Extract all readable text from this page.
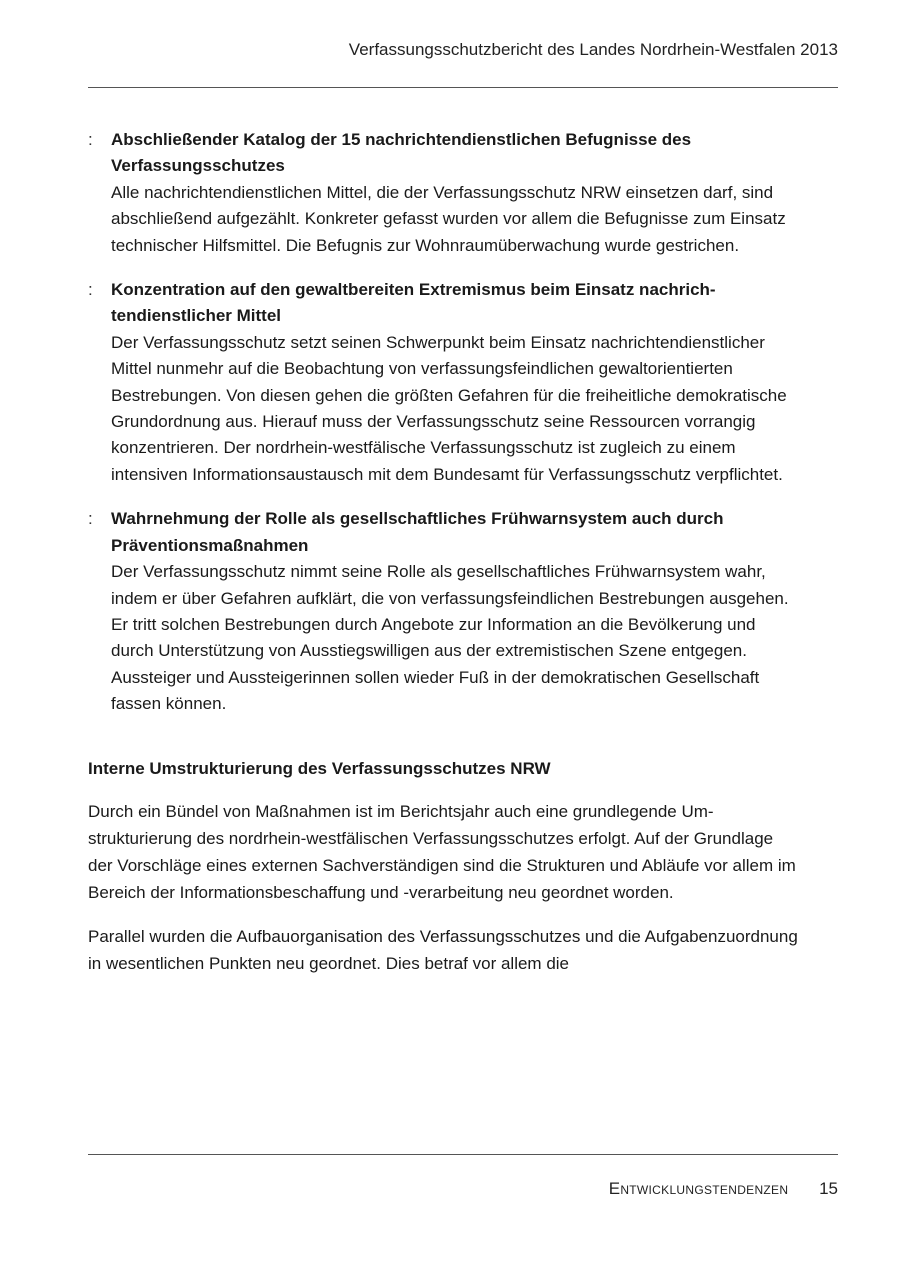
Verfassungsschutzbericht des Landes Nordrhein-Westfalen 2013
:	Abschließender Katalog der 15 nachrichtendienstlichen Befugnisse des Verfassungsschutzes
Alle nachrichtendienstlichen Mittel, die der Verfassungsschutz NRW einsetzen darf, sind abschließend aufgezählt. Konkreter gefasst wurden vor allem die Befugnisse zum Einsatz technischer Hilfsmittel. Die Befugnis zur Wohnraumüberwachung wurde gestrichen.
:	Konzentration auf den gewaltbereiten Extremismus beim Einsatz nachrichtendienstlicher Mittel
Der Verfassungsschutz setzt seinen Schwerpunkt beim Einsatz nachrichtendienstlicher Mittel nunmehr auf die Beobachtung von verfassungsfeindlichen gewaltorientierten Bestrebungen. Von diesen gehen die größten Gefahren für die freiheitliche demokratische Grundordnung aus. Hierauf muss der Verfassungsschutz seine Ressourcen vorrangig konzentrieren. Der nordrhein-westfälische Verfassungsschutz ist zugleich zu einem intensiven Informationsaustausch mit dem Bundesamt für Verfassungsschutz verpflichtet.
:	Wahrnehmung der Rolle als gesellschaftliches Frühwarnsystem auch durch Präventionsmaßnahmen
Der Verfassungsschutz nimmt seine Rolle als gesellschaftliches Frühwarnsystem wahr, indem er über Gefahren aufklärt, die von verfassungsfeindlichen Bestrebungen ausgehen. Er tritt solchen Bestrebungen durch Angebote zur Information an die Bevölkerung und durch Unterstützung von Ausstiegswilligen aus der extremistischen Szene entgegen. Aussteiger und Aussteigerinnen sollen wieder Fuß in der demokratischen Gesellschaft fassen können.
Interne Umstrukturierung des Verfassungsschutzes NRW

Durch ein Bündel von Maßnahmen ist im Berichtsjahr auch eine grundlegende Umstrukturierung des nordrhein-westfälischen Verfassungsschutzes erfolgt. Auf der Grundlage der Vorschläge eines externen Sachverständigen sind die Strukturen und Abläufe vor allem im Bereich der Informationsbeschaffung und -verarbeitung neu geordnet worden.

Parallel wurden die Aufbauorganisation des Verfassungsschutzes und die Aufgabenzuordnung in wesentlichen Punkten neu geordnet. Dies betraf vor allem die

Entwicklungstendenzen 15
